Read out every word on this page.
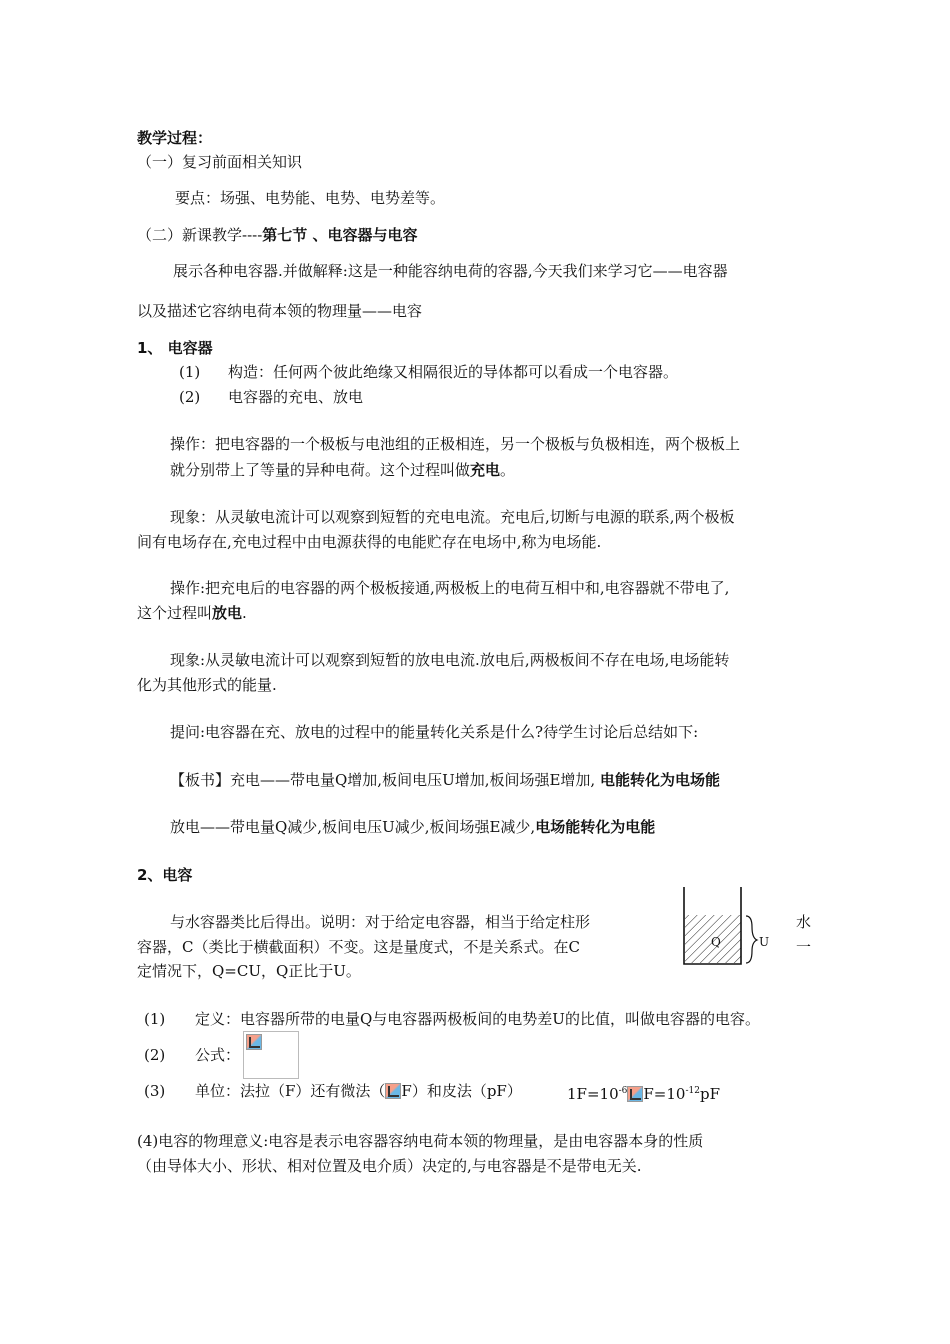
教学过程：
（一）复习前面相关知识
要点：场强、电势能、电势、电势差等。
（二）新课教学----第七节 、电容器与电容
展示各种电容器.并做解释:这是一种能容纳电荷的容器,今天我们来学习它——电容器
以及描述它容纳电荷本领的物理量——电容
1、 电容器
(1) 构造：任何两个彼此绝缘又相隔很近的导体都可以看成一个电容器。
(2) 电容器的充电、放电
操作：把电容器的一个极板与电池组的正极相连，另一个极板与负极相连，两个极板上
就分别带上了等量的异种电荷。这个过程叫做充电。
现象：从灵敏电流计可以观察到短暂的充电电流。充电后,切断与电源的联系,两个极板
间有电场存在,充电过程中由电源获得的电能贮存在电场中,称为电场能.
操作:把充电后的电容器的两个极板接通,两极板上的电荷互相中和,电容器就不带电了,
这个过程叫放电.
现象:从灵敏电流计可以观察到短暂的放电电流.放电后,两极板间不存在电场,电场能转
化为其他形式的能量.
提问:电容器在充、放电的过程中的能量转化关系是什么?待学生讨论后总结如下:
【板书】充电——带电量Q增加,板间电压U增加,板间场强E增加, 电能转化为电场能
放电——带电量Q减少,板间电压U减少,板间场强E减少,电场能转化为电能
2、电容
与水容器类比后得出。说明：对于给定电容器，相当于给定柱形
容器，C（类比于横截面积）不变。这是量度式，不是关系式。在C
定情况下，Q=CU，Q正比于U。
Q	U
水
一
(1) 定义：电容器所带的电量Q与电容器两极板间的电势差U的比值，叫做电容器的电容。
(2) 公式：
(3) 单位：法拉（F）还有微法（ F）和皮法（pF）	$1F=10^{-6}$ $F=10^{-12}pF$
(4)电容的物理意义:电容是表示电容器容纳电荷本领的物理量，是由电容器本身的性质
（由导体大小、形状、相对位置及电介质）决定的,与电容器是不是带电无关.
